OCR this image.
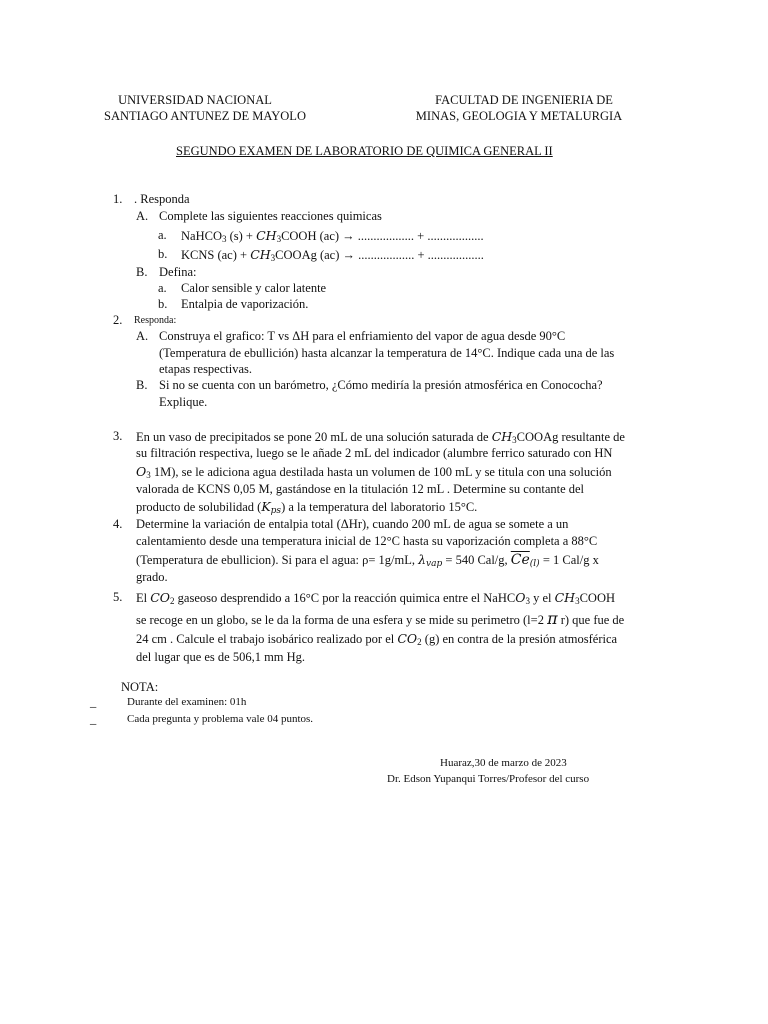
UNIVERSIDAD NACIONAL
SANTIAGO ANTUNEZ DE MAYOLO
FACULTAD DE INGENIERIA DE
MINAS, GEOLOGIA Y METALURGIA
SEGUNDO EXAMEN DE LABORATORIO DE QUIMICA GENERAL II
1. . Responda
A. Complete las siguientes reacciones quimicas
a. NaHCO$_3$ $(s) + CH_3COOH$ (ac) → .................. + ..................
b. KCNS $(ac) + CH_3COOAg$ (ac) → .................. + ..................
B. Defina:
a. Calor sensible y calor latente
b. Entalpia de vaporización.
2. Responda:
A. Construya el grafico: T vs ΔH para el enfriamiento del vapor de agua desde 90°C
(Temperatura de ebullición) hasta alcanzar la temperatura de 14°C. Indique cada una de las
etapas respectivas.
B. Si no se cuenta con un barómetro, ¿Cómo mediría la presión atmosférica en Conococha?
Explique.
3. En un vaso de precipitados se pone 20 mL de una solución saturada de $CH_3COOAg$ resultante de
su filtración respectiva, luego se le añade 2 mL del indicador (alumbre ferrico saturado con HN
$O_3$ 1M), se le adiciona agua destilada hasta un volumen de 100 mL y se titula con una solución
valorada de KCNS 0,05 M, gastándose en la titulación 12 mL . Determine su contante del
producto de solubilidad $(K_{ps})$ a la temperatura del laboratorio 15°C.
4. Determine la variación de entalpia total (ΔHr), cuando 200 mL de agua se somete a un
calentamiento desde una temperatura inicial de 12°C hasta su vaporización completa a 88°C
(Temperatura de ebullicion). Si para el agua: ρ= 1g/mL, $\lambda_{vap} = 540$ Cal/g, $\overline{Ce}_{(l)} = 1$ Cal/g x
grado.
5. El $CO_2$ gaseoso desprendido a 16°C por la reacción quimica entre el NaHCO$_3$ y el $CH_3COOH$
se recoge en un globo, se le da la forma de una esfera y se mide su perimetro (l=2 π r) que fue de
24 cm . Calcule el trabajo isobárico realizado por el $CO_2$ (g) en contra de la presión atmosférica
del lugar que es de 506,1 mm Hg.
NOTA:
_	Durante del examinen: 01h
_	Cada pregunta y problema vale 04 puntos.
Huaraz,30 de marzo de 2023
Dr. Edson Yupanqui Torres/Profesor del curso
